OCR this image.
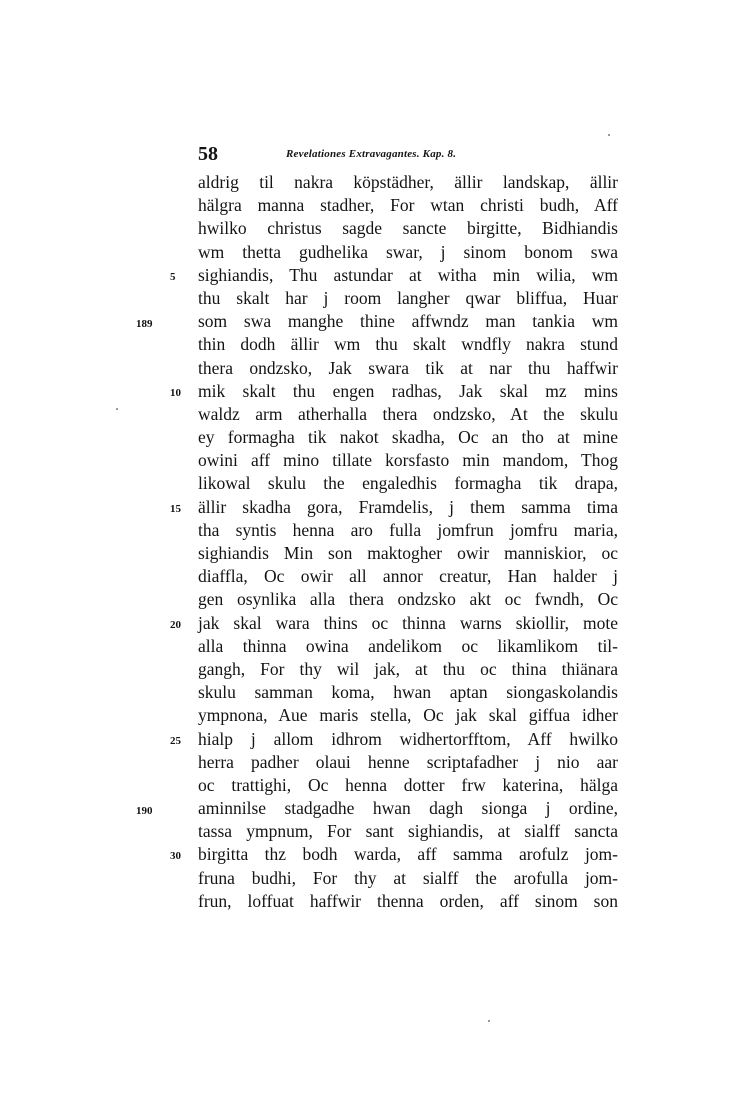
58	Revelationes Extravagantes. Kap. 8.
189
190
aldrig til nakra köpstädher, ällir landskap, ällir
hälgra manna stadher, For wtan christi budh, Aff
hwilko christus sagde sancte birgitte, Bidhiandis
wm thetta gudhelika swar, j sinom bonom swa
5 sighiandis, Thu astundar at witha min wilia, wm
thu skalt har j room langher qwar bliffua, Huar
som swa manghe thine affwndz man tankia wm
thin dodh ällir wm thu skalt wndfly nakra stund
thera ondzsko, Jak swara tik at nar thu haffwir
10 mik skalt thu engen radhas, Jak skal mz mins
waldz arm atherhalla thera ondzsko, At the skulu
ey formagha tik nakot skadha, Oc an tho at mine
owini aff mino tillate korsfasto min mandom, Thog
likowal skulu the engaledhis formagha tik drapa,
15 ällir skadha gora, Framdelis, j them samma tima
tha syntis henna aro fulla jomfrun jomfru maria,
sighiandis Min son maktogher owir manniskior, oc
diaffla, Oc owir all annor creatur, Han halder j
gen osynlika alla thera ondzsko akt oc fwndh, Oc
20 jak skal wara thins oc thinna warns skiollir, mote
alla thinna owina andelikom oc likamlikom til-
gangh, For thy wil jak, at thu oc thina thiänara
skulu samman koma, hwan aptan siongaskolandis
ympnona, Aue maris stella, Oc jak skal giffua idher
25 hialp j allom idhrom widhertorfftom, Aff hwilko
herra padher olaui henne scriptafadher j nio aar
oc trattighi, Oc henna dotter frw katerina, hälga
aminnilse stadgadhe hwan dagh sionga j ordine,
tassa ympnum, For sant sighiandis, at sialff sancta
30 birgitta thz bodh warda, aff samma arofulz jom-
fruna budhi, For thy at sialff the arofulla jom-
frun, loffuat haffwir thenna orden, aff sinom son
